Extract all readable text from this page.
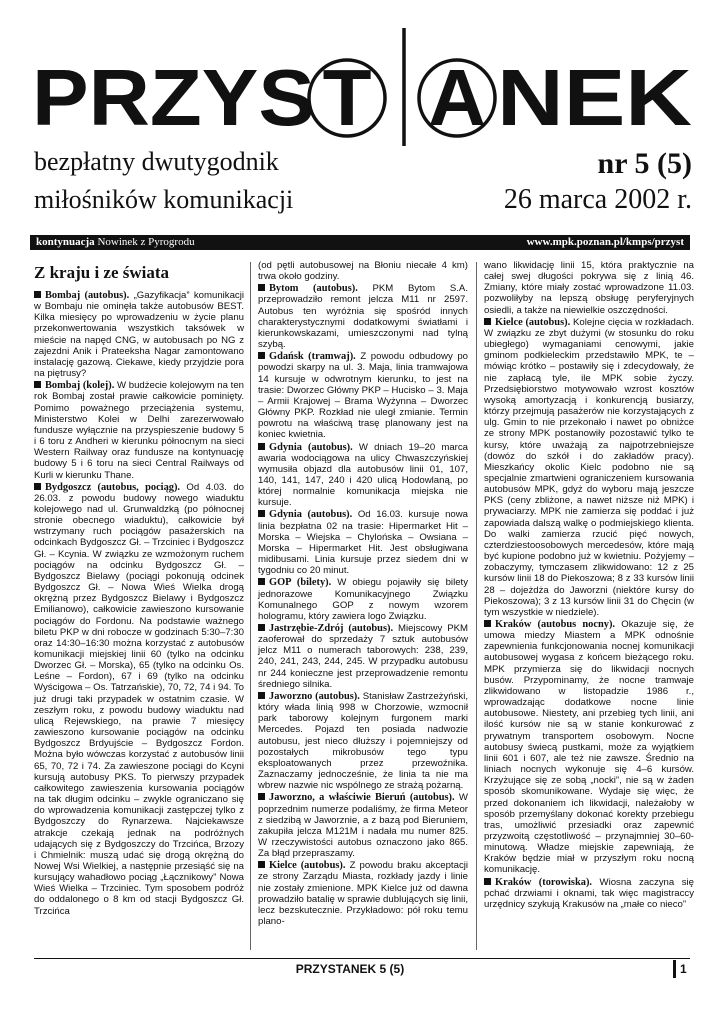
PRZYS T A NEK
bezpłatny dwutygodnik
miłośników komunikacji
nr 5 (5)
26 marca 2002 r.
kontynuacja Nowinek z Pyrogrodu	www.mpk.poznan.pl/kmps/przyst
Z kraju i ze świata

Bombaj (autobus). „Gazyfikacja” komunikacji w Bombaju nie ominęła także autobusów BEST. Kilka miesięcy po wprowadzeniu w życie planu przekonwertowania wszystkich taksówek w mieście na napęd CNG, w autobusach po NG z zajezdni Anik i Prateeksha Nagar zamontowano instalację gazową. Ciekawe, kiedy przyjdzie pora na piętrusy?

Bombaj (kolej). W budżecie kolejowym na ten rok Bombaj został prawie całkowicie pominięty. Pomimo poważnego przeciążenia systemu, Ministerstwo Kolei w Delhi zarezerwowało fundusze wyłącznie na przyspieszenie budowy 5 i 6 toru z Andheri w kierunku północnym na sieci Western Railway oraz fundusze na kontynuację budowy 5 i 6 toru na sieci Central Railways od Kurli w kierunku Thane.

Bydgoszcz (autobus, pociąg). Od 4.03. do 26.03. z powodu budowy nowego wiaduktu kolejowego nad ul. Grunwaldzką (po północnej stronie obecnego wiaduktu), całkowicie był wstrzymany ruch pociągów pasażerskich na odcinkach Bydgoszcz Gł. – Trzciniec i Bydgoszcz Gł. – Kcynia. W związku ze wzmożonym ruchem pociągów na odcinku Bydgoszcz Gł. – Bydgoszcz Bielawy (pociągi pokonują odcinek Bydgoszcz Gł. – Nowa Wieś Wielka drogą okrężną przez Bydgoszcz Bielawy i Bydgoszcz Emilianowo), całkowicie zawieszono kursowanie pociągów do Fordonu. Na podstawie ważnego biletu PKP w dni robocze w godzinach 5:30–7:30 oraz 14:30–16:30 można korzystać z autobusów komunikacji miejskiej linii 60 (tylko na odcinku Dworzec Gł. – Morska), 65 (tylko na odcinku Os. Leśne – Fordon), 67 i 69 (tylko na odcinku Wyścigowa – Os. Tatrzańskie), 70, 72, 74 i 94. To już drugi taki przypadek w ostatnim czasie. W zeszłym roku, z powodu budowy wiaduktu nad ulicą Rejewskiego, na prawie 7 miesięcy zawieszono kursowanie pociągów na odcinku Bydgoszcz Brdyujście – Bydgoszcz Fordon. Można było wówczas korzystać z autobusów linii 65, 70, 72 i 74. Za zawieszone pociągi do Kcyni kursują autobusy PKS. To pierwszy przypadek całkowitego zawieszenia kursowania pociągów na tak długim odcinku – zwykle ograniczano się do wprowadzenia komunikacji zastępczej tylko z Bydgoszczy do Rynarzewa. Najciekawsze atrakcje czekają jednak na podróżnych udających się z Bydgoszczy do Trzcińca, Brzozy i Chmielnik: muszą udać się drogą okrężną do Nowej Wsi Wielkiej, a następnie przesiąść się na kursujący wahadłowo pociąg „Łącznikowy” Nowa Wieś Wielka – Trzciniec. Tym sposobem podróż do oddalonego o 8 km od stacji Bydgoszcz Gł. Trzcińca

(od pętli autobusowej na Błoniu niecałe 4 km) trwa około godziny.

Bytom (autobus). PKM Bytom S.A. przeprowadziło remont jelcza M11 nr 2597. Autobus ten wyróżnia się spośród innych charakterystycznymi dodatkowymi światłami i kierunkowskazami, umieszczonymi nad tylną szybą.

Gdańsk (tramwaj). Z powodu odbudowy po powodzi skarpy na ul. 3. Maja, linia tramwajowa 14 kursuje w odwrotnym kierunku, to jest na trasie: Dworzec Główny PKP – Hucisko – 3. Maja – Armii Krajowej – Brama Wyżynna – Dworzec Główny PKP. Rozkład nie uległ zmianie. Termin powrotu na właściwą trasę planowany jest na koniec kwietnia.

Gdynia (autobus). W dniach 19–20 marca awaria wodociągowa na ulicy Chwaszczyńskiej wymusiła objazd dla autobusów linii 01, 107, 140, 141, 147, 240 i 420 ulicą Hodowlaną, po której normalnie komunikacja miejska nie kursuje.

Gdynia (autobus). Od 16.03. kursuje nowa linia bezpłatna 02 na trasie: Hipermarket Hit – Morska – Wiejska – Chylońska – Owsiana – Morska – Hipermarket Hit. Jest obsługiwana midibusami. Linia kursuje przez siedem dni w tygodniu co 20 minut.

GOP (bilety). W obiegu pojawiły się bilety jednorazowe Komunikacyjnego Związku Komunalnego GOP z nowym wzorem hologramu, który zawiera logo Związku.

Jastrzębie-Zdrój (autobus). Miejscowy PKM zaoferował do sprzedaży 7 sztuk autobusów jelcz M11 o numerach taborowych: 238, 239, 240, 241, 243, 244, 245. W przypadku autobusu nr 244 konieczne jest przeprowadzenie remontu średniego silnika.

Jaworzno (autobus). Stanisław Zastrzeżyński, który włada linią 998 w Chorzowie, wzmocnił park taborowy kolejnym furgonem marki Mercedes. Pojazd ten posiada nadwozie autobusu, jest nieco dłuższy i pojemniejszy od pozostałych mikrobusów tego typu eksploatowanych przez przewoźnika. Zaznaczamy jednocześnie, że linia ta nie ma wbrew nazwie nic wspólnego ze strażą pożarną.

Jaworzno, a właściwie Bieruń (autobus). W poprzednim numerze podaliśmy, że firma Meteor z siedzibą w Jaworznie, a z bazą pod Bieruniem, zakupiła jelcza M121M i nadała mu numer 825. W rzeczywistości autobus oznaczono jako 865. Za błąd przepraszamy.

Kielce (autobus). Z powodu braku akceptacji ze strony Zarządu Miasta, rozkłady jazdy i linie nie zostały zmienione. MPK Kielce już od dawna prowadziło batalię w sprawie dublujących się linii, lecz bezskutecznie. Przykładowo: pół roku temu plano-

wano likwidację linii 15, która praktycznie na całej swej długości pokrywa się z linią 46. Zmiany, które miały zostać wprowadzone 11.03. pozwoliłyby na lepszą obsługę peryferyjnych osiedli, a także na niewielkie oszczędności.

Kielce (autobus). Kolejne cięcia w rozkładach. W związku ze zbyt dużymi (w stosunku do roku ubiegłego) wymaganiami cenowymi, jakie gminom podkieleckim przedstawiło MPK, te – mówiąc krótko – postawiły się i zdecydowały, że nie zapłacą tyle, ile MPK sobie życzy. Przedsiębiorstwo motywowało wzrost kosztów wysoką amortyzacją i konkurencją busiarzy, którzy przejmują pasażerów nie korzystających z ulg. Gmin to nie przekonało i nawet po obniżce ze strony MPK postanowiły pozostawić tylko te kursy, które uważają za najpotrzebniejsze (dowóz do szkół i do zakładów pracy). Mieszkańcy okolic Kielc podobno nie są specjalnie zmartwieni ograniczeniem kursowania autobusów MPK, gdyż do wyboru mają jeszcze PKS (ceny zbliżone, a nawet niższe niż MPK) i prywaciarzy. MPK nie zamierza się poddać i już zapowiada dalszą walkę o podmiejskiego klienta. Do walki zamierza rzucić pięć nowych, czterdziestoosobowych mercedesów, które mają być kupione podobno już w kwietniu. Pożyjemy – zobaczymy, tymczasem zlikwidowano: 12 z 25 kursów linii 18 do Piekoszowa; 8 z 33 kursów linii 28 – dojeżdża do Jaworzni (niektóre kursy do Piekoszowa); 3 z 13 kursów linii 31 do Chęcin (w tym wszystkie w niedziele).

Kraków (autobus nocny). Okazuje się, że umowa miedzy Miastem a MPK odnośnie zapewnienia funkcjonowania nocnej komunikacji autobusowej wygasa z końcem bieżącego roku. MPK przymierza się do likwidacji nocnych busów. Przypominamy, że nocne tramwaje zlikwidowano w listopadzie 1986 r., wprowadzając dodatkowe nocne linie autobusowe. Niestety, ani przebieg tych linii, ani ilość kursów nie są w stanie konkurować z prywatnym transportem osobowym. Nocne autobusy świecą pustkami, może za wyjątkiem linii 601 i 607, ale też nie zawsze. Średnio na liniach nocnych wykonuje się 4–6 kursów. Krzyżujące się ze sobą „nocki”, nie są w żaden sposób skomunikowane. Wydaje się więc, że przed dokonaniem ich likwidacji, należałoby w sposób przemyślany dokonać korekty przebiegu tras, umożliwić przesiadki oraz zapewnić przyzwoitą częstotliwość – przynajmniej 30–60-minutową. Władze miejskie zapewniają, że Kraków będzie miał w przyszłym roku nocną komunikację.

Kraków (torowiska). Wiosna zaczyna się pchać drzwiami i oknami, tak więc magistraccy urzędnicy szykują Krakusów na „małe co nieco”

PRZYSTANEK 5 (5)	1
